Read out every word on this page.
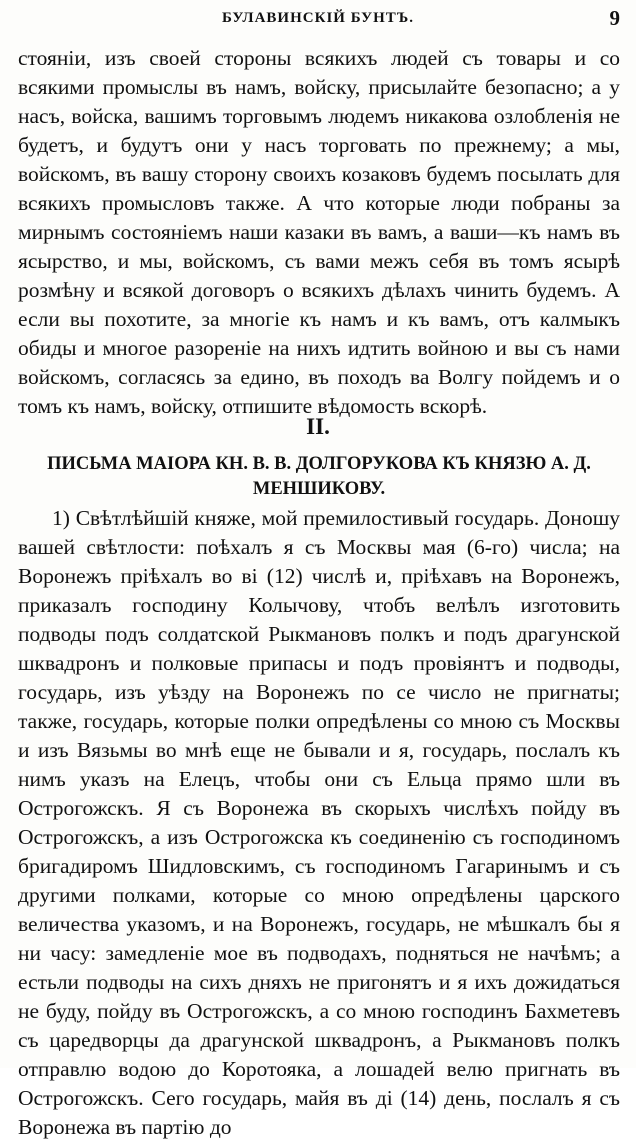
БУЛАВИНСКІЙ БУНТЪ.	9

стояніи, изъ своей стороны всякихъ людей съ товары и со всякими промыслы въ намъ, войску, присылайте безопасно; а у насъ, войска, вашимъ торговымъ людемъ никакова озлобленія не будетъ, и будутъ они у насъ торговать по прежнему; а мы, войскомъ, въ вашу сторону своихъ козаковъ будемъ посылать для всякихъ промысловъ также. А что которые люди побраны за мирнымъ состояніемъ наши казаки въ вамъ, а ваши—къ намъ въ ясырство, и мы, войскомъ, съ вами межъ себя въ томъ ясырѣ розмѣну и всякой договоръ о всякихъ дѣлахъ чинить будемъ. А если вы похотите, за многіе къ намъ и къ вамъ, отъ калмыкъ обиды и многое разореніе на нихъ идтить войною и вы съ нами войскомъ, согласясь за едино, въ походъ ва Волгу пойдемъ и о томъ къ намъ, войску, отпишите вѣдомость вскорѣ.

II.
ПИСЬМА МАІОРА КН. В. В. ДОЛГОРУКОВА КЪ КНЯЗЮ А. Д. МЕНШИКОВУ.

1) Свѣтлѣйшій княже, мой премилостивый государь. Доношу вашей свѣтлости: поѣхалъ я съ Москвы мая (6-го) числа; на Воронежъ пріѣхалъ во ві (12) числѣ и, пріѣхавъ на Воронежъ, приказалъ господину Колычову, чтобъ велѣлъ изготовить подводы подъ солдатской Рыкмановъ полкъ и подъ драгунской шквадронъ и полковые припасы и подъ провіянтъ и подводы, государь, изъ уѣзду на Воронежъ по се число не пригнаты; также, государь, которые полки опредѣлены со мною съ Москвы и изъ Вязьмы во мнѣ еще не бывали и я, государь, послалъ къ нимъ указъ на Елецъ, чтобы они съ Ельца прямо шли въ Острогожскъ. Я съ Воронежа въ скорыхъ числѣхъ пойду въ Острогожскъ, а изъ Острогожска къ соединенію съ господиномъ бригадиромъ Шидловскимъ, съ господиномъ Гагаринымъ и съ другими полками, которые со мною опредѣлены царского величества указомъ, и на Воронежъ, государь, не мѣшкалъ бы я ни часу: замедленіе мое въ подводахъ, подняться не начѣмъ; а естьли подводы на сихъ дняхъ не пригонятъ и я ихъ дожидаться не буду, пойду въ Острогожскъ, а со мною господинъ Бахметевъ съ царедворцы да драгунской шквадронъ, а Рыкмановъ полкъ отправлю водою до Коротояка, а лошадей велю пригнать въ Острогожскъ. Сего государь, майя въ ді (14) день, послалъ я съ Воронежа въ партію до
